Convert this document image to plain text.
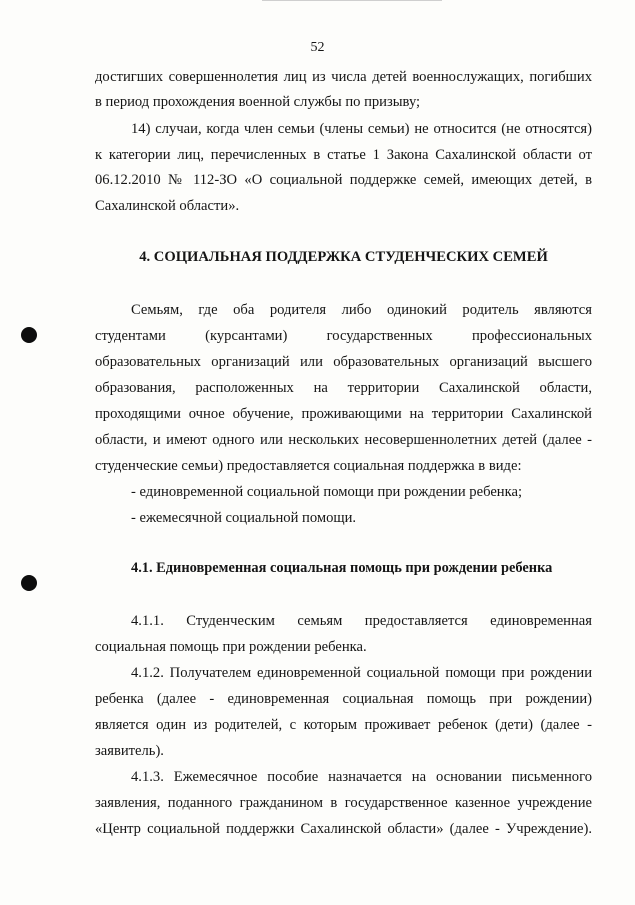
52
достигших совершеннолетия лиц из числа детей военнослужащих, погибших
в период прохождения военной службы по призыву;
14) случаи, когда член семьи (члены семьи) не относится (не относятся)
к категории лиц, перечисленных в статье 1 Закона Сахалинской области от
06.12.2010 № 112-ЗО «О социальной поддержке семей, имеющих детей, в
Сахалинской области».
Семьям, где оба родителя либо одинокий родитель являются
студентами (курсантами) государственных профессиональных
образовательных организаций или образовательных организаций высшего
образования, расположенных на территории Сахалинской области,
проходящими очное обучение, проживающими на территории Сахалинской
области, и имеют одного или нескольких несовершеннолетних детей (далее -
студенческие семьи) предоставляется социальная поддержка в виде:
- единовременной социальной помощи при рождении ребенка;
- ежемесячной социальной помощи.
4.1.1. Студенческим семьям предоставляется единовременная
социальная помощь при рождении ребенка.
4.1.2. Получателем единовременной социальной помощи при рождении
ребенка (далее - единовременная социальная помощь при рождении)
является один из родителей, с которым проживает ребенок (дети) (далее -
заявитель).
4.1.3. Ежемесячное пособие назначается на основании письменного
заявления, поданного гражданином в государственное казенное учреждение
«Центр социальной поддержки Сахалинской области» (далее - Учреждение).
4. СОЦИАЛЬНАЯ ПОДДЕРЖКА СТУДЕНЧЕСКИХ СЕМЕЙ
4.1. Единовременная социальная помощь при рождении ребенка
